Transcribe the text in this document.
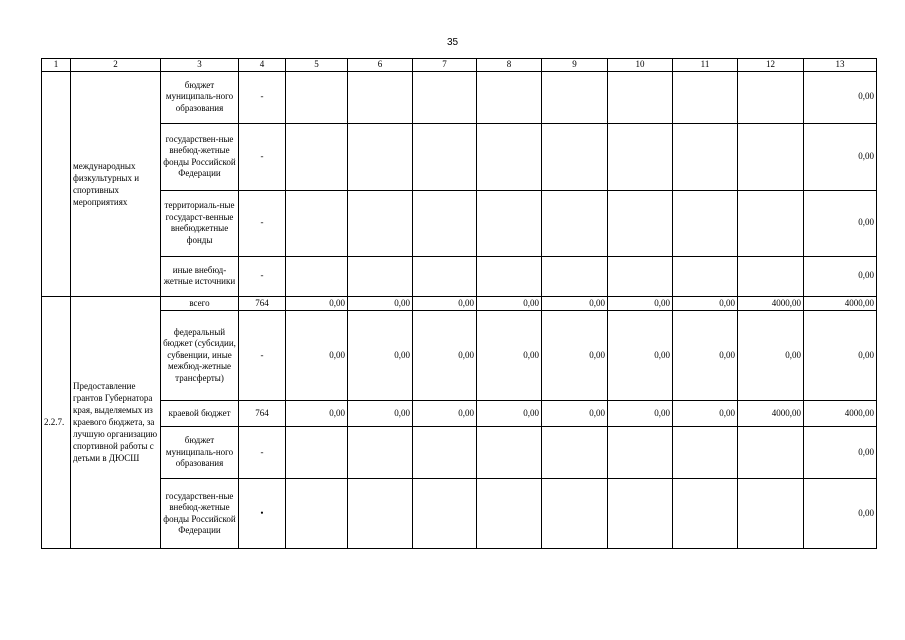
35
1	2	3	4	5	6	7	8	9	10	11	12	13
	международных физкультурных и спортивных мероприятиях	бюджет муниципаль-ного образования	-									0,00
		государствен-ные внебюд-жетные фонды Российской Федерации	-									0,00
		территориаль-ные государст-венные внебюджетные фонды	-									0,00
		иные внебюд-жетные источники	-									0,00
2.2.7.	Предоставление грантов Губернатора края, выделяемых из краевого бюджета, за лучшую организацию спортивной работы с детьми в ДЮСШ	всего	764	0,00	0,00	0,00	0,00	0,00	0,00	0,00	4000,00	4000,00
		федеральный бюджет (субсидии, субвенции, иные межбюд-жетные трансферты)	-	0,00	0,00	0,00	0,00	0,00	0,00	0,00	0,00	0,00
		краевой бюджет	764	0,00	0,00	0,00	0,00	0,00	0,00	0,00	4000,00	4000,00
		бюджет муниципаль-ного образования	-									0,00
		государствен-ные внебюд-жетные фонды Российской Федерации	•									0,00
